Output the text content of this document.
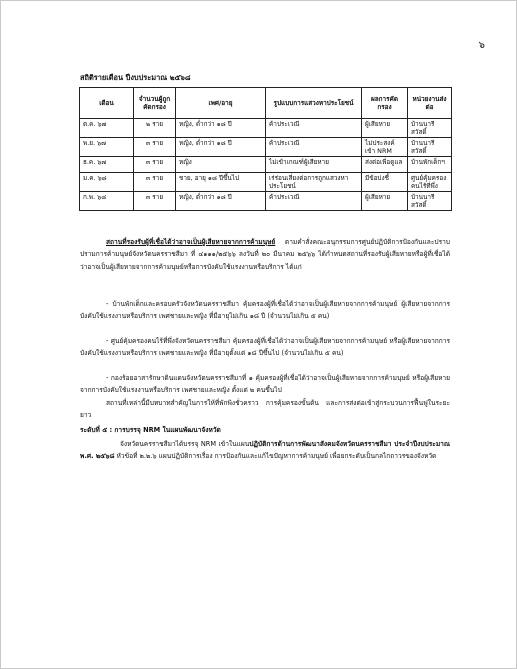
๖
สถิติรายเดือน ปีงบประมาณ ๒๕๖๘
เดือน	จำนวนผู้ถูกคัดกรอง	เพศ/อายุ	รูปแบบการแสวงหาประโยชน์	ผลการคัดกรอง	หน่วยงานส่งต่อ
ต.ค. ๖๗	๒ ราย	หญิง, ต่ำกว่า ๑๘ ปี	ค้าประเวณี	ผู้เสียหาย	บ้านนารีสวัสดิ์
พ.ย. ๖๗	๓ ราย	หญิง, ต่ำกว่า ๑๘ ปี	ค้าประเวณี	ไม่ประสงค์เข้า NRM	บ้านนารีสวัสดิ์
ธ.ค. ๖๗	๓ ราย	หญิง	ไม่เข้าเกณฑ์ผู้เสียหาย	ส่งต่อเพื่อดูแล	บ้านพักเด็กฯ
ม.ค. ๖๘	๓ ราย	ชาย, อายุ ๑๘ ปีขึ้นไป	เร่ร่อนเสี่ยงต่อการถูกแสวงหาประโยชน์	มีข้อบ่งชี้	ศูนย์คุ้มครองคนไร้ที่พึ่ง
ก.พ. ๖๘	๓ ราย	หญิง, ต่ำกว่า ๑๘ ปี	ค้าประเวณี	ผู้เสียหาย	บ้านนารีสวัสดิ์
สถานที่รองรับผู้ที่เชื่อได้ว่าอาจเป็นผู้เสียหายจากการค้ามนุษย์ ตามคำสั่งคณะอนุกรรมการศูนย์ปฏิบัติการป้องกันและปราบปรามการค้ามนุษย์จังหวัดนครราชสีมา ที่ ๔๑๑๑/๒๕๖๖ ลงวันที่ ๒๐ มีนาคม ๒๕๖๖ ได้กำหนดสถานที่รองรับผู้เสียหายหรือผู้ที่เชื่อได้ว่าอาจเป็นผู้เสียหายจากการค้ามนุษย์หรือการบังคับใช้แรงงานหรือบริการ ได้แก่
- บ้านพักเด็กและครอบครัวจังหวัดนครราชสีมา คุ้มครองผู้ที่เชื่อได้ว่าอาจเป็นผู้เสียหายจากการค้ามนุษย์ ผู้เสียหายจากการบังคับใช้แรงงานหรือบริการ เพศชายและหญิง ที่มีอายุไม่เกิน ๑๘ ปี (จำนวนไม่เกิน ๕ คน)
- ศูนย์คุ้มครองคนไร้ที่พึ่งจังหวัดนครราชสีมา คุ้มครองผู้ที่เชื่อได้ว่าอาจเป็นผู้เสียหายจากการค้ามนุษย์ หรือผู้เสียหายจากการบังคับใช้แรงงานหรือบริการ เพศชายและหญิง ที่มีอายุตั้งแต่ ๑๘ ปีขึ้นไป (จำนวนไม่เกิน ๕ คน)
- กองร้อยอาสารักษาดินแดนจังหวัดนครราชสีมาที่ ๑ คุ้มครองผู้ที่เชื่อได้ว่าอาจเป็นผู้เสียหายจากการค้ามนุษย์ หรือผู้เสียหายจากการบังคับใช้แรงงานหรือบริการ เพศชายและหญิง ตั้งแต่ ๒ คนขึ้นไป
สถานที่เหล่านี้มีบทบาทสำคัญในการให้ที่พักพิงชั่วคราว การคุ้มครองขั้นต้น และการส่งต่อเข้าสู่กระบวนการฟื้นฟูในระยะยาว
ระดับที่ ๕ : การบรรจุ NRM ในแผนพัฒนาจังหวัด
จังหวัดนครราชสีมาได้บรรจุ NRM เข้าในแผนปฏิบัติการด้านการพัฒนาสังคมจังหวัดนครราชสีมา ประจำปีงบประมาณ พ.ศ. ๒๕๖๘ หัวข้อที่ ๒.๒.๖ แผนปฏิบัติการเรื่อง การป้องกันและแก้ไขปัญหาการค้ามนุษย์ เพื่อยกระดับเป็นกลไกถาวรของจังหวัด
